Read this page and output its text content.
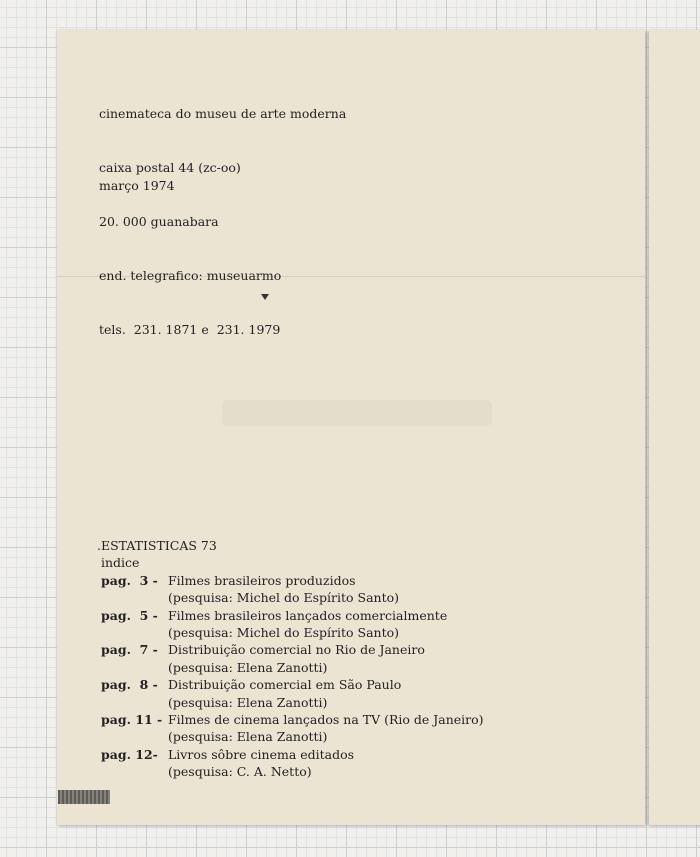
cinemateca do museu de arte moderna

caixa postal 44 (zc-oo)

20. 000 guanabara

end. telegrafico: museuarmo

tels.  231. 1871 e  231. 1979

março 1974
.ESTATISTICAS 73
indice
pag.  3 - Filmes brasileiros produzidos
(pesquisa: Michel do Espírito Santo)
pag.  5 - Filmes brasileiros lançados comercialmente
(pesquisa: Michel do Espírito Santo)
pag.  7 - Distribuição comercial no Rio de Janeiro
(pesquisa: Elena Zanotti)
pag.  8 - Distribuição comercial em São Paulo
(pesquisa: Elena Zanotti)
pag. 11 - Filmes de cinema lançados na TV (Rio de Janeiro)
(pesquisa: Elena Zanotti)
pag. 12- Livros sôbre cinema editados
(pesquisa: C. A. Netto)
